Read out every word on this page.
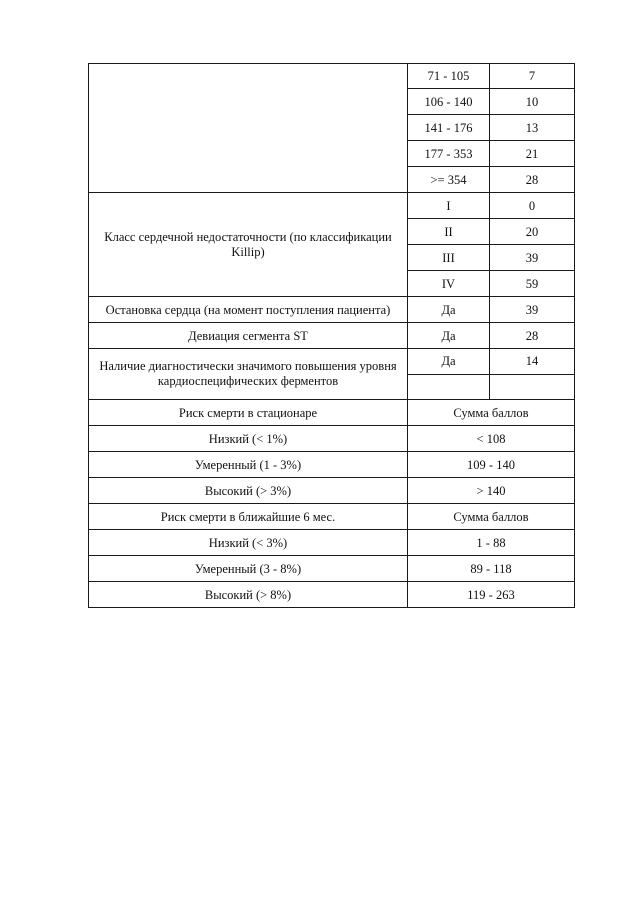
	71 - 105	7
	106 - 140	10
	141 - 176	13
	177 - 353	21
	>= 354	28
Класс сердечной недостаточности (по классификации Killip)	I	0
	II	20
	III	39
	IV	59
Остановка сердца (на момент поступления пациента)	Да	39
Девиация сегмента ST	Да	28
Наличие диагностически значимого повышения уровня кардиоспецифических ферментов	Да	14

Риск смерти в стационаре	Сумма баллов	
Низкий (< 1%)	< 108	
Умеренный (1 - 3%)	109 - 140	
Высокий (> 3%)	> 140	
Риск смерти в ближайшие 6 мес.	Сумма баллов	
Низкий (< 3%)	1 - 88	
Умеренный (3 - 8%)	89 - 118	
Высокий (> 8%)	119 - 263	
